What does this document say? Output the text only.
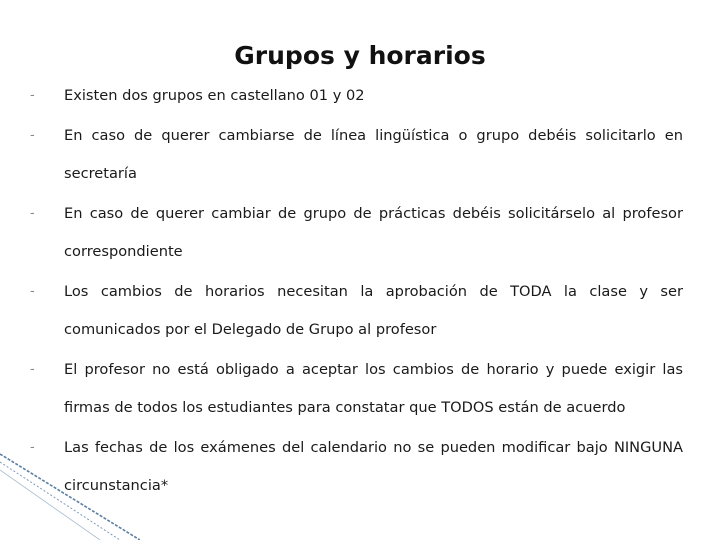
Grupos y horarios
-	Existen dos grupos en castellano 01 y 02
-	En caso de querer cambiarse de línea lingüística o grupo debéis solicitarlo en secretaría
-	En caso de querer cambiar de grupo de prácticas debéis solicitárselo al profesor correspondiente
-	Los cambios de horarios necesitan la aprobación de TODA la clase y ser comunicados por el Delegado de Grupo al profesor
-	El profesor no está obligado a aceptar los cambios de horario y puede exigir las firmas de todos los estudiantes para constatar que TODOS están de acuerdo
-	Las fechas de los exámenes del calendario no se pueden modificar bajo NINGUNA circunstancia*
